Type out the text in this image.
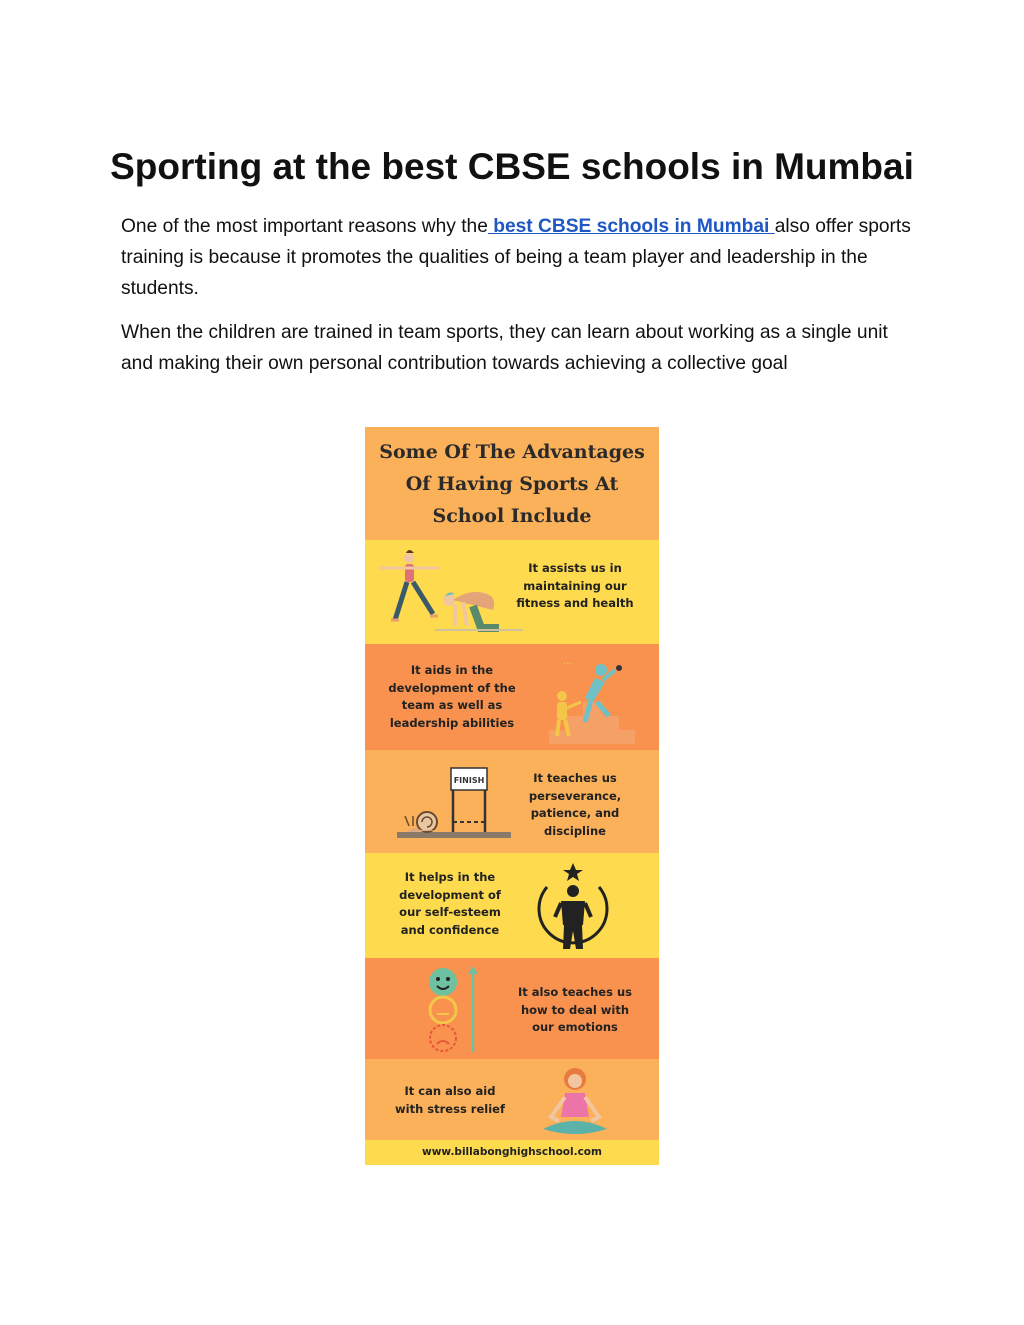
Sporting at the best CBSE schools in Mumbai

One of the most important reasons why the best CBSE schools in Mumbai also offer sports training is because it promotes the qualities of being a team player and leadership in the students.

When the children are trained in team sports, they can learn about working as a single unit and making their own personal contribution towards achieving a collective goal

Some Of The Advantages
Of Having Sports At
School Include
It assists us in
maintaining our
fitness and health
It aids in the
development of the
team as well as
leadership abilities
...
FINISH	It teaches us
perseverance,
patience, and
discipline
It helps in the
development of
our self-esteem
and confidence
It also teaches us
how to deal with
our emotions
It can also aid
with stress relief
www.billabonghighschool.com
